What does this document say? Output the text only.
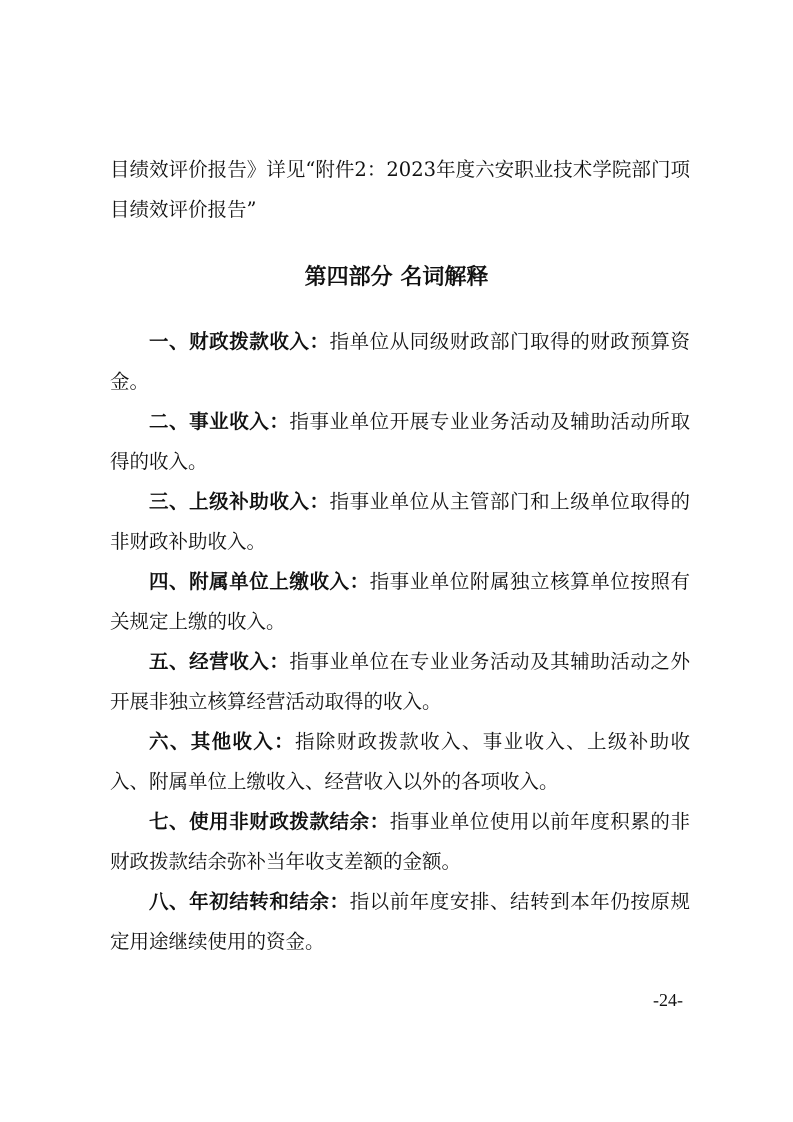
目绩效评价报告》详见“附件2：2023年度六安职业技术学院部门项目绩效评价报告”

第四部分 名词解释

一、财政拨款收入：指单位从同级财政部门取得的财政预算资金。

二、事业收入：指事业单位开展专业业务活动及辅助活动所取得的收入。

三、上级补助收入：指事业单位从主管部门和上级单位取得的非财政补助收入。

四、附属单位上缴收入：指事业单位附属独立核算单位按照有关规定上缴的收入。

五、经营收入：指事业单位在专业业务活动及其辅助活动之外开展非独立核算经营活动取得的收入。

六、其他收入：指除财政拨款收入、事业收入、上级补助收入、附属单位上缴收入、经营收入以外的各项收入。

七、使用非财政拨款结余：指事业单位使用以前年度积累的非财政拨款结余弥补当年收支差额的金额。

八、年初结转和结余：指以前年度安排、结转到本年仍按原规定用途继续使用的资金。

-24-
